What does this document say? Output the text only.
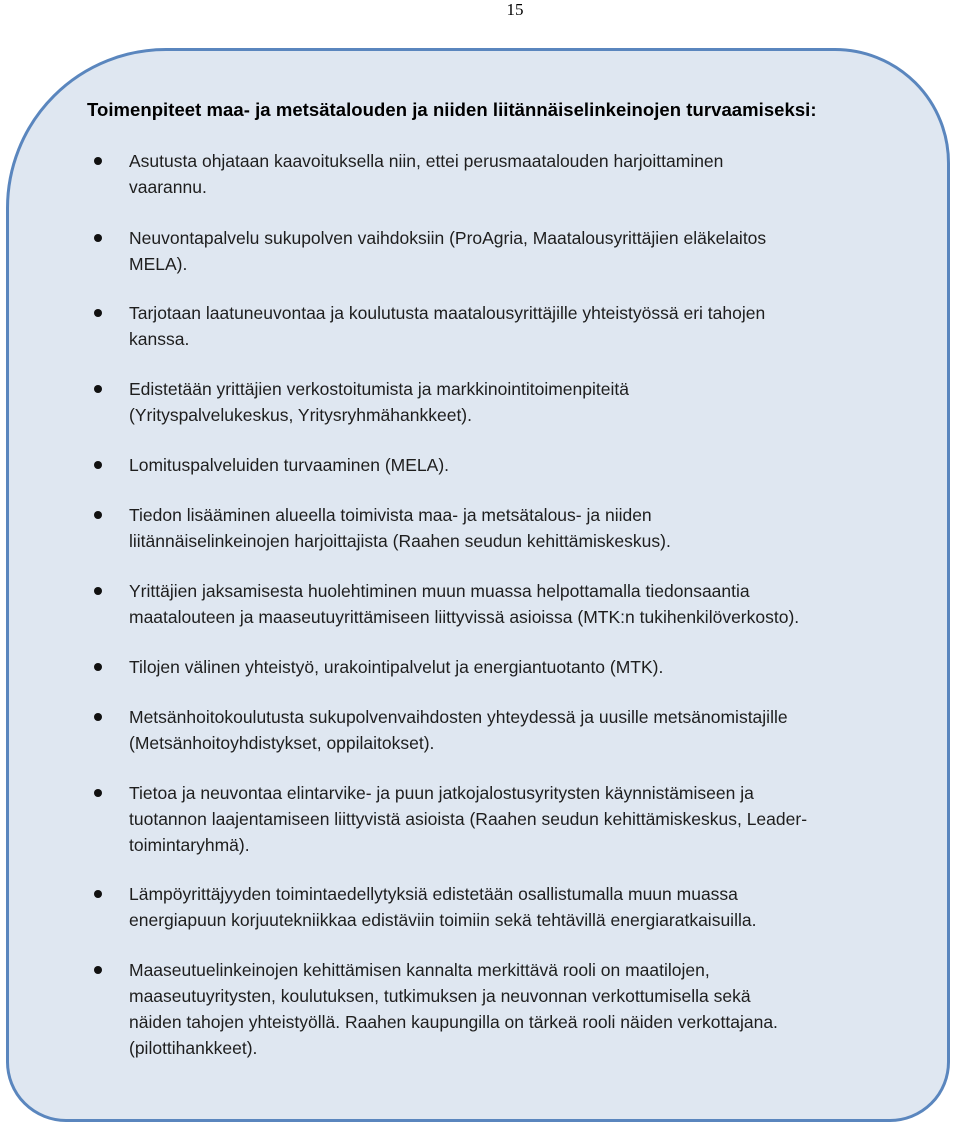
15
Toimenpiteet maa- ja metsätalouden ja niiden liitännäiselinkeinojen turvaamiseksi:
Asutusta ohjataan kaavoituksella niin, ettei perusmaatalouden harjoittaminen
vaarannu.
Neuvontapalvelu sukupolven vaihdoksiin (ProAgria, Maatalousyrittäjien eläkelaitos
MELA).
Tarjotaan laatuneuvontaa ja koulutusta maatalousyrittäjille yhteistyössä eri tahojen
kanssa.
Edistetään yrittäjien verkostoitumista ja markkinointitoimenpiteitä
(Yrityspalvelukeskus, Yritysryhmähankkeet).
Lomituspalveluiden turvaaminen (MELA).
Tiedon lisääminen alueella toimivista maa- ja metsätalous- ja niiden
liitännäiselinkeinojen harjoittajista (Raahen seudun kehittämiskeskus).
Yrittäjien jaksamisesta huolehtiminen muun muassa helpottamalla tiedonsaantia
maatalouteen ja maaseutuyrittämiseen liittyvissä asioissa (MTK:n tukihenkilöverkosto).
Tilojen välinen yhteistyö, urakointipalvelut ja energiantuotanto (MTK).
Metsänhoitokoulutusta sukupolvenvaihdosten yhteydessä ja uusille metsänomistajille
(Metsänhoitoyhdistykset, oppilaitokset).
Tietoa ja neuvontaa elintarvike- ja puun jatkojalostusyritysten käynnistämiseen ja
tuotannon laajentamiseen liittyvistä asioista (Raahen seudun kehittämiskeskus, Leader-
toimintaryhmä).
Lämpöyrittäjyyden toimintaedellytyksiä edistetään osallistumalla muun muassa
energiapuun korjuutekniikkaa edistäviin toimiin sekä tehtävillä energiaratkaisuilla.
Maaseutuelinkeinojen kehittämisen kannalta merkittävä rooli on maatilojen,
maaseutuyritysten, koulutuksen, tutkimuksen ja neuvonnan verkottumisella sekä
näiden tahojen yhteistyöllä. Raahen kaupungilla on tärkeä rooli näiden verkottajana.
(pilottihankkeet).
